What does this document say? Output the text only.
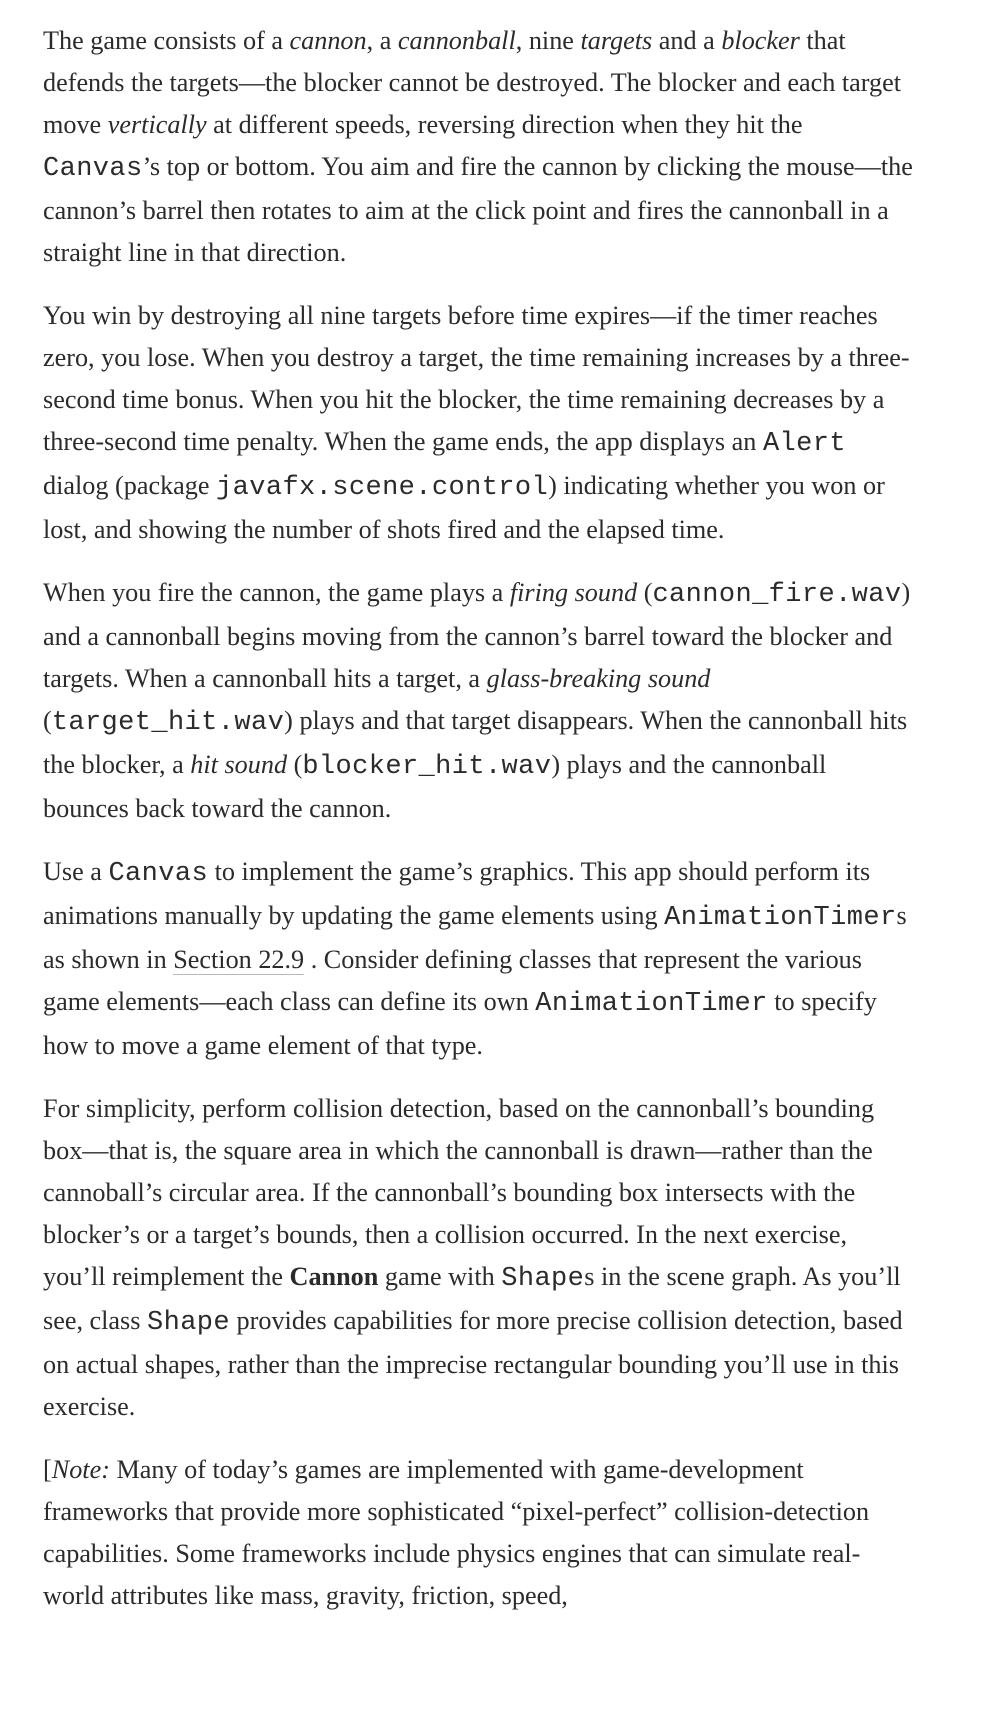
The game consists of a cannon, a cannonball, nine targets and a blocker that defends the targets—the blocker cannot be destroyed. The blocker and each target move vertically at different speeds, reversing direction when they hit the Canvas’s top or bottom. You aim and fire the cannon by clicking the mouse—the cannon’s barrel then rotates to aim at the click point and fires the cannonball in a straight line in that direction.

You win by destroying all nine targets before time expires—if the timer reaches zero, you lose. When you destroy a target, the time remaining increases by a three-second time bonus. When you hit the blocker, the time remaining decreases by a three-second time penalty. When the game ends, the app displays an Alert dialog (package javafx.scene.control) indicating whether you won or lost, and showing the number of shots fired and the elapsed time.

When you fire the cannon, the game plays a firing sound (cannon_fire.wav) and a cannonball begins moving from the cannon’s barrel toward the blocker and targets. When a cannonball hits a target, a glass-breaking sound (target_hit.wav) plays and that target disappears. When the cannonball hits the blocker, a hit sound (blocker_hit.wav) plays and the cannonball bounces back toward the cannon.

Use a Canvas to implement the game’s graphics. This app should perform its animations manually by updating the game elements using AnimationTimers as shown in Section 22.9 . Consider defining classes that represent the various game elements—each class can define its own AnimationTimer to specify how to move a game element of that type.

For simplicity, perform collision detection, based on the cannonball’s bounding box—that is, the square area in which the cannonball is drawn—rather than the cannoball’s circular area. If the cannonball’s bounding box intersects with the blocker’s or a target’s bounds, then a collision occurred. In the next exercise, you’ll reimplement the Cannon game with Shapes in the scene graph. As you’ll see, class Shape provides capabilities for more precise collision detection, based on actual shapes, rather than the imprecise rectangular bounding you’ll use in this exercise.

[Note: Many of today’s games are implemented with game-development frameworks that provide more sophisticated “pixel-perfect” collision-detection capabilities. Some frameworks include physics engines that can simulate real-world attributes like mass, gravity, friction, speed,
